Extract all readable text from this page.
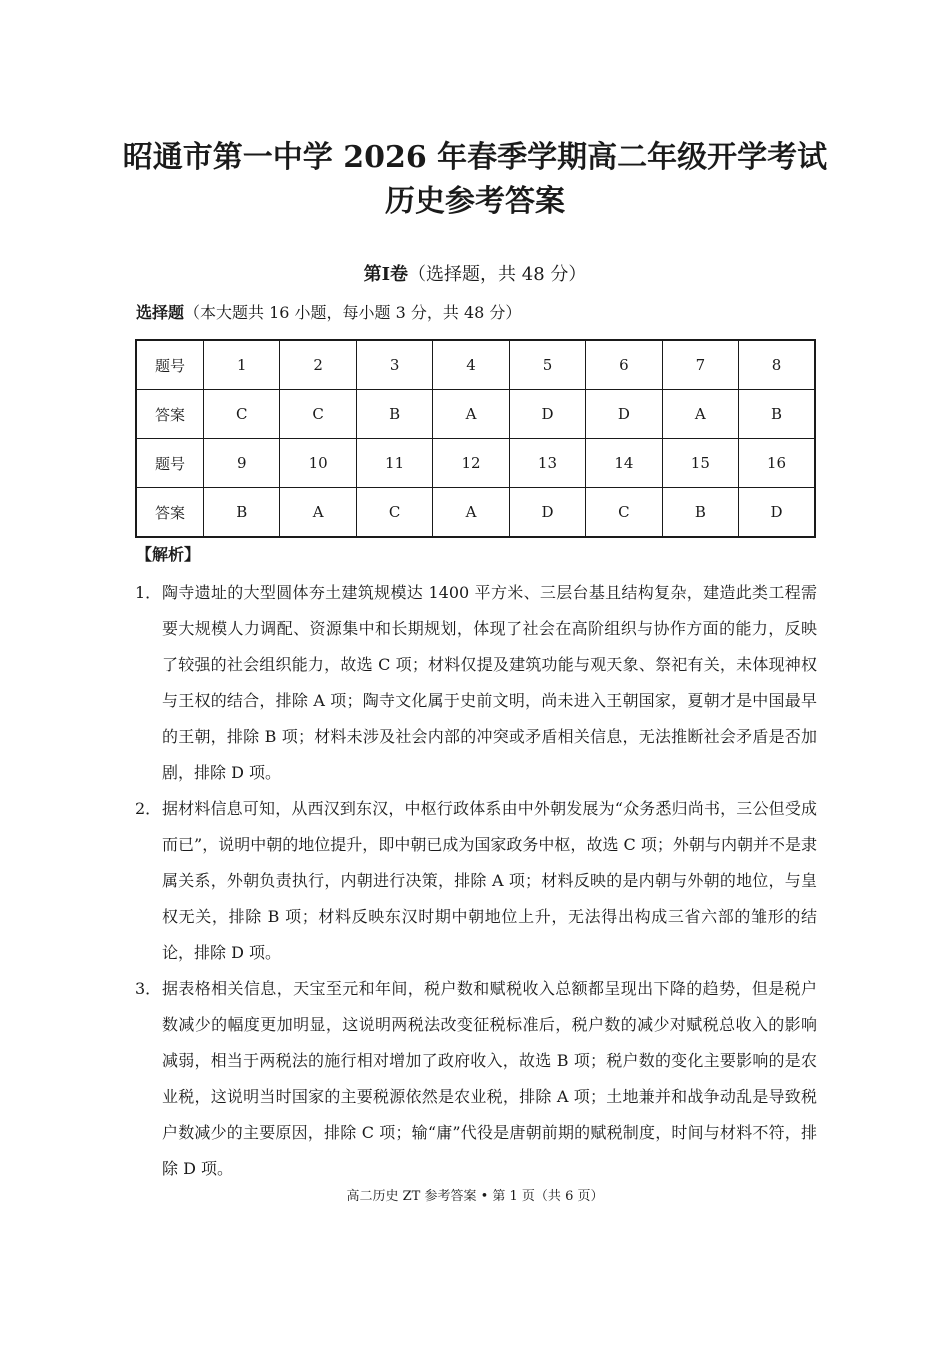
昭通市第一中学 2026 年春季学期高二年级开学考试
历史参考答案
第Ⅰ卷（选择题，共 48 分）
选择题（本大题共 16 小题，每小题 3 分，共 48 分）
题号	1	2	3	4	5	6	7	8
答案	C	C	B	A	D	D	A	B
题号	9	10	11	12	13	14	15	16
答案	B	A	C	A	D	C	B	D
【解析】
1． 陶寺遗址的大型圆体夯土建筑规模达 1400 平方米、三层台基且结构复杂，建造此类工程需要大规模人力调配、资源集中和长期规划，体现了社会在高阶组织与协作方面的能力，反映了较强的社会组织能力，故选 C 项；材料仅提及建筑功能与观天象、祭祀有关，未体现神权与王权的结合，排除 A 项；陶寺文化属于史前文明，尚未进入王朝国家，夏朝才是中国最早的王朝，排除 B 项；材料未涉及社会内部的冲突或矛盾相关信息，无法推断社会矛盾是否加剧，排除 D 项。
2． 据材料信息可知，从西汉到东汉，中枢行政体系由中外朝发展为“众务悉归尚书，三公但受成而已”，说明中朝的地位提升，即中朝已成为国家政务中枢，故选 C 项；外朝与内朝并不是隶属关系，外朝负责执行，内朝进行决策，排除 A 项；材料反映的是内朝与外朝的地位，与皇权无关，排除 B 项；材料反映东汉时期中朝地位上升，无法得出构成三省六部的雏形的结论，排除 D 项。
3． 据表格相关信息，天宝至元和年间，税户数和赋税收入总额都呈现出下降的趋势，但是税户数减少的幅度更加明显，这说明两税法改变征税标准后，税户数的减少对赋税总收入的影响减弱，相当于两税法的施行相对增加了政府收入，故选 B 项；税户数的变化主要影响的是农业税，这说明当时国家的主要税源依然是农业税，排除 A 项；土地兼并和战争动乱是导致税户数减少的主要原因，排除 C 项；输“庸”代役是唐朝前期的赋税制度，时间与材料不符，排除 D 项。
高二历史 ZT 参考答案 • 第 1 页（共 6 页）
